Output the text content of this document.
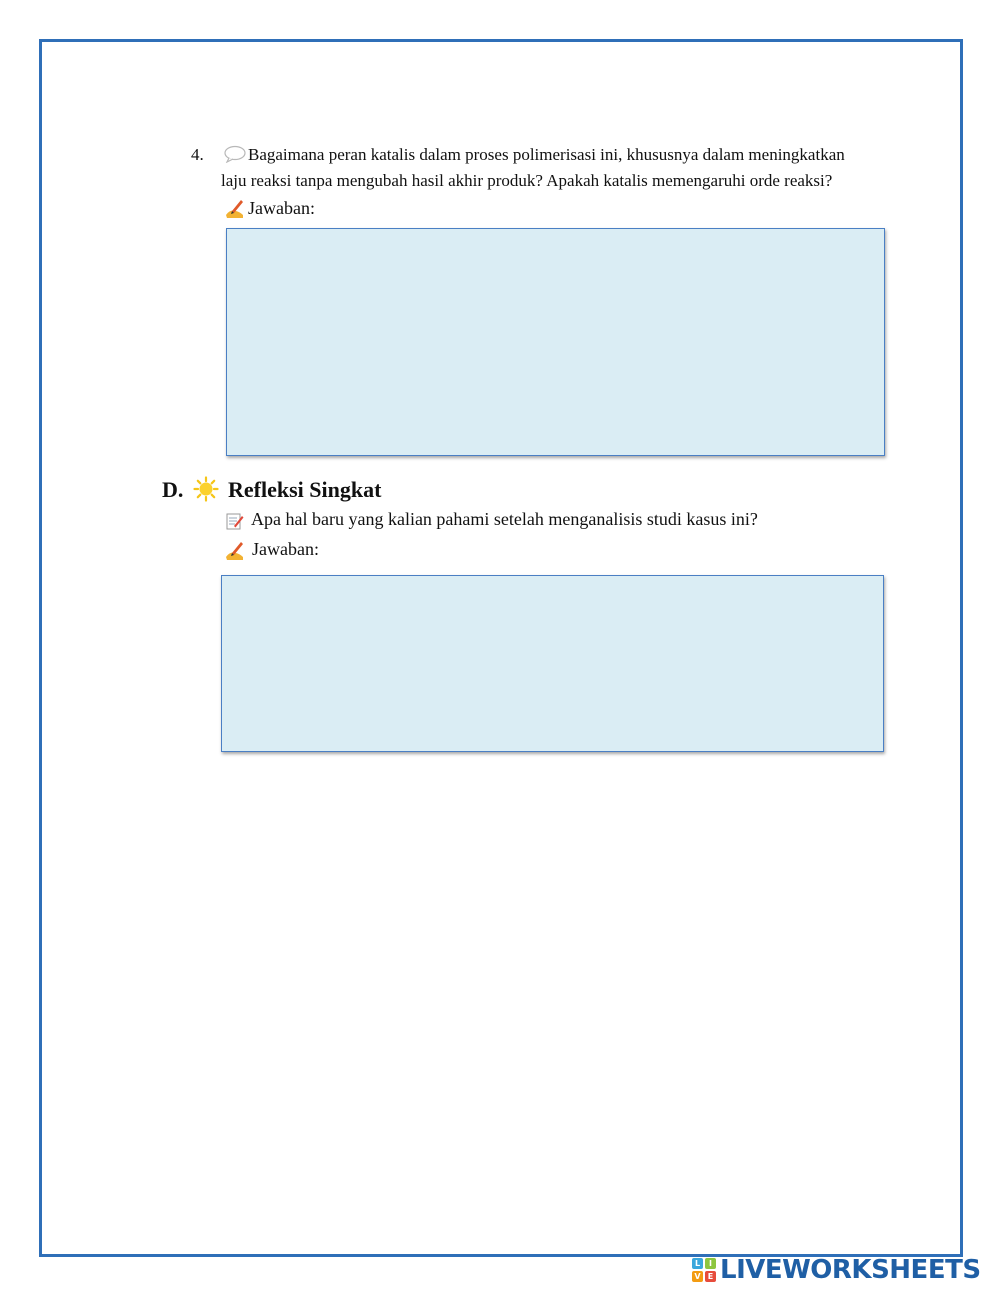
4.	Bagaimana peran katalis dalam proses polimerisasi ini, khususnya dalam meningkatkan
laju reaksi tanpa mengubah hasil akhir produk? Apakah katalis memengaruhi orde reaksi?
Jawaban:
D. Refleksi Singkat
Apa hal baru yang kalian pahami setelah menganalisis studi kasus ini?
Jawaban:
L	I
V E LIVEWORKSHEETS
